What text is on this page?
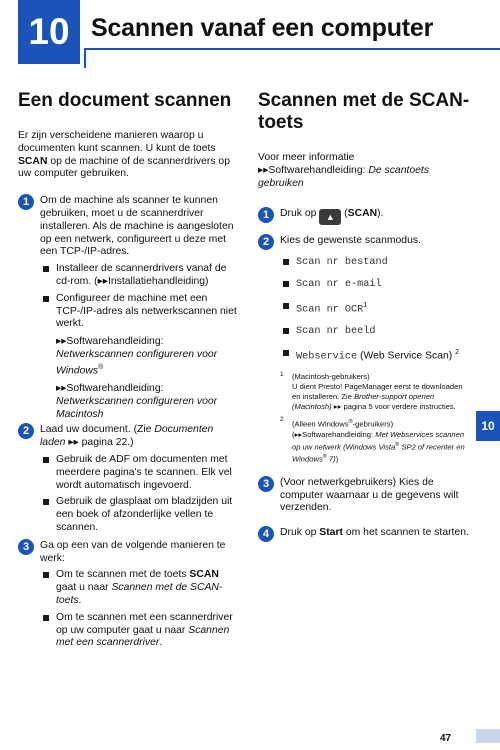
10 Scannen vanaf een computer
Een document scannen

Er zijn verscheidene manieren waarop u documenten kunt scannen. U kunt de toets SCAN op de machine of de scannerdrivers op uw computer gebruiken.

1	Om de machine als scanner te kunnen gebruiken, moet u de scannerdriver installeren. Als de machine is aangesloten op een netwerk, configureert u deze met een TCP-/IP-adres.
Installeer de scannerdrivers vanaf de cd-rom. (▸▸Installatiehandleiding)
Configureer de machine met een TCP-/IP-adres als netwerkscannen niet werkt.
▸▸Softwarehandleiding:
Netwerkscannen configureren voor Windows®
▸▸Softwarehandleiding:
Netwerkscannen configureren voor Macintosh
2	Laad uw document. (Zie Documenten laden ▸▸ pagina 22.)
Gebruik de ADF om documenten met meerdere pagina's te scannen. Elk vel wordt automatisch ingevoerd.
Gebruik de glasplaat om bladzijden uit een boek of afzonderlijke vellen te scannen.
3	Ga op een van de volgende manieren te werk:
Om te scannen met de toets SCAN gaat u naar Scannen met de SCAN-toets.
Om te scannen met een scannerdriver op uw computer gaat u naar Scannen met een scannerdriver.
Scannen met de SCAN-toets

Voor meer informatie
▸▸Softwarehandleiding: De scantoets gebruiken

1	Druk op ▲ (SCAN).
2	Kies de gewenste scanmodus.
Scan nr bestand
Scan nr e-mail
Scan nr OCR$^1$
Scan nr beeld
Webservice (Web Service Scan) $^2$
1 (Macintosh-gebruikers)
U dient Presto! PageManager eerst te downloaden en installeren. Zie Brother-support openen (Macintosh) ▸▸ pagina 5 voor verdere instructies.
2
(Alleen Windows®-gebruikers)
(▸▸Softwarehandleiding: Met Webservices scannen op uw netwerk (Windows Vista® SP2 of recenter en Windows® 7))
3	(Voor netwerkgebruikers) Kies de computer waarnaar u de gegevens wilt verzenden.
4	Druk op Start om het scannen te starten.
10
47
